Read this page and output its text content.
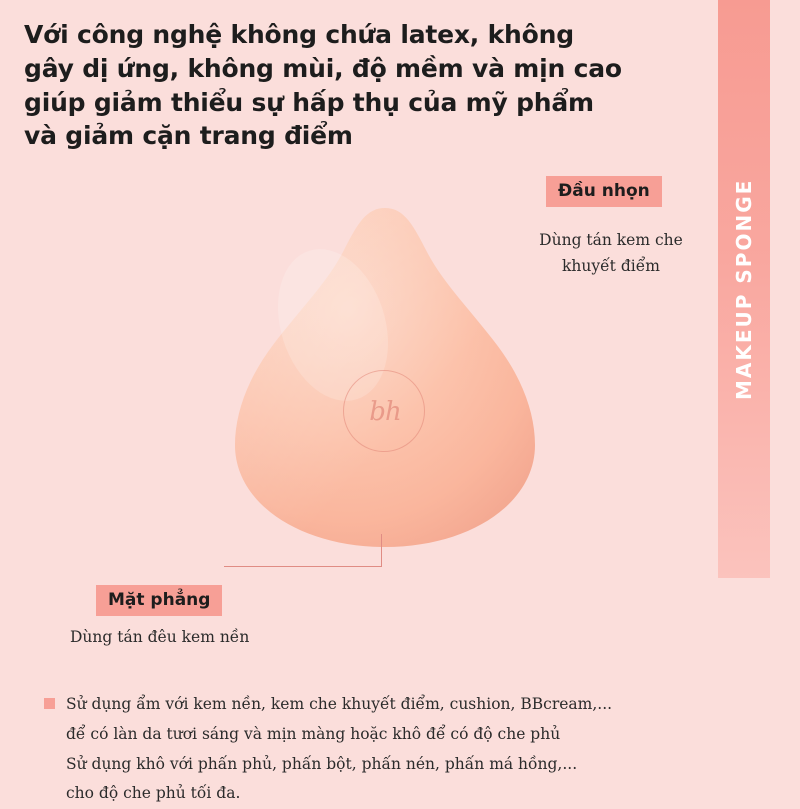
Với công nghệ không chứa latex, không
gây dị ứng, không mùi, độ mềm và mịn cao
giúp giảm thiểu sự hấp thụ của mỹ phẩm
và giảm cặn trang điểm
MAKEUP SPONGE
bh
Đầu nhọn
Dùng tán kem che
khuyết điểm
Mặt phẳng
Dùng tán đêu kem nền
Sử dụng ẩm với kem nền, kem che khuyết điểm, cushion, BBcream,...
để có làn da tươi sáng và mịn màng hoặc khô để có độ che phủ
Sử dụng khô với phấn phủ, phấn bột, phấn nén, phấn má hồng,...
cho độ che phủ tối đa.
